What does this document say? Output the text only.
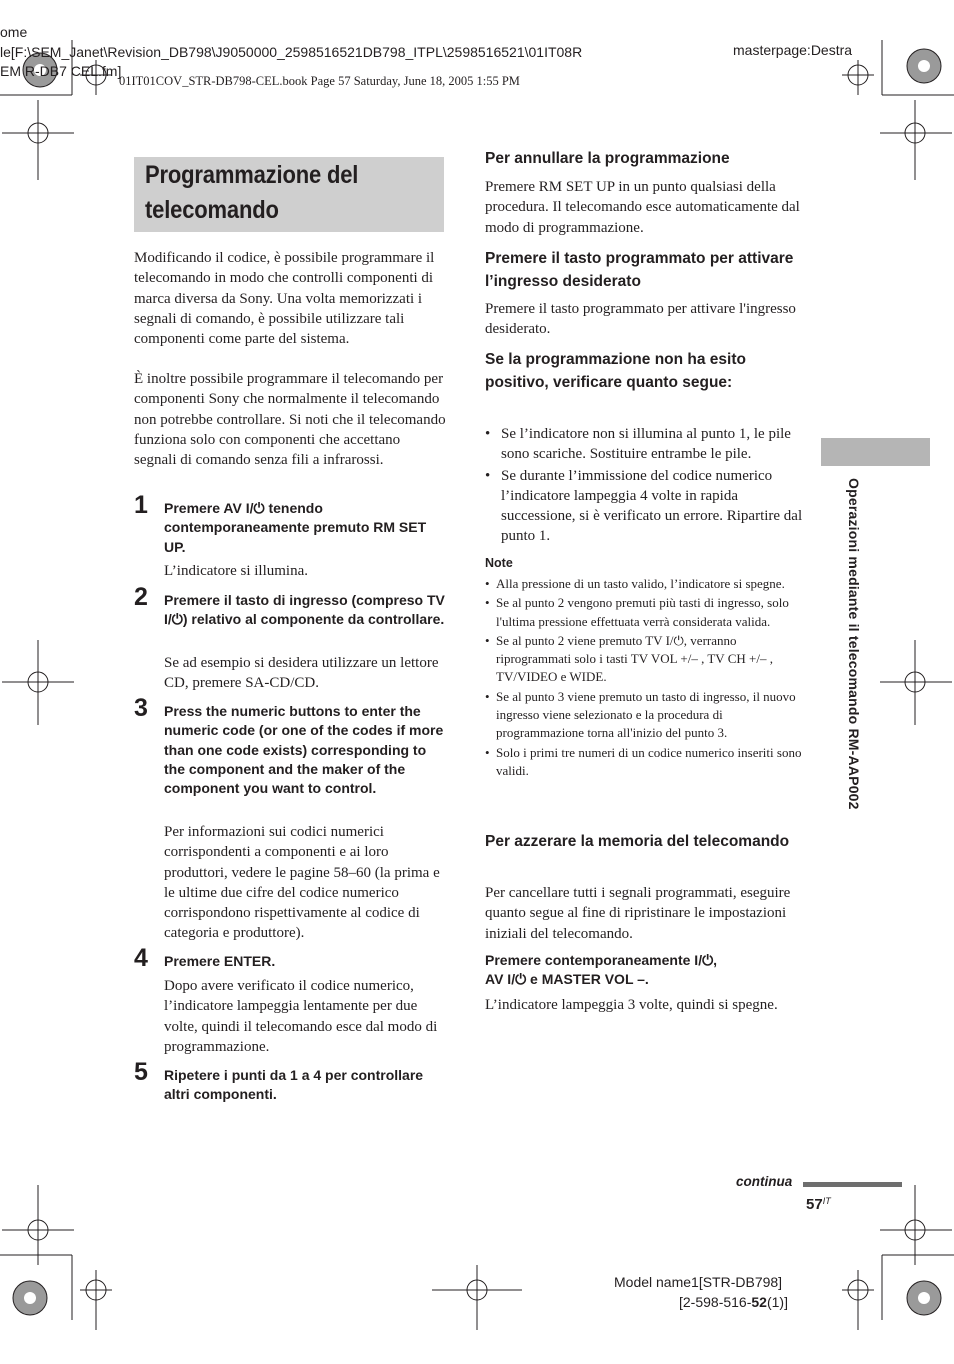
ome
le[F:\SEM_Janet\Revision_DB798\J9050000_2598516521DB798_ITPL\2598516521\01IT08R
EM R-DB7 CEL.fm]
masterpage:Destra
01IT01COV_STR-DB798-CEL.book Page 57 Saturday, June 18, 2005 1:55 PM
Programmazione del telecomando
Modificando il codice, è possibile programmare il telecomando in modo che controlli componenti di marca diversa da Sony. Una volta memorizzati i segnali di comando, è possibile utilizzare tali componenti come parte del sistema.
È inoltre possibile programmare il telecomando per componenti Sony che normalmente il telecomando non potrebbe controllare. Si noti che il telecomando funziona solo con componenti che accettano segnali di comando senza fili a infrarossi.
1 Premere AV I/⏻ tenendo contemporaneamente premuto RM SET UP.
L’indicatore si illumina.
2 Premere il tasto di ingresso (compreso TV I/⏻) relativo al componente da controllare.
Se ad esempio si desidera utilizzare un lettore CD, premere SA-CD/CD.
3 Press the numeric buttons to enter the numeric code (or one of the codes if more than one code exists) corresponding to the component and the maker of the component you want to control.
Per informazioni sui codici numerici corrispondenti a componenti e ai loro produttori, vedere le pagine 58–60 (la prima e le ultime due cifre del codice numerico corrispondono rispettivamente al codice di categoria e produttore).
4 Premere ENTER.
Dopo avere verificato il codice numerico, l’indicatore lampeggia lentamente per due volte, quindi il telecomando esce dal modo di programmazione.
5 Ripetere i punti da 1 a 4 per controllare altri componenti.
Per annullare la programmazione
Premere RM SET UP in un punto qualsiasi della procedura. Il telecomando esce automaticamente dal modo di programmazione.
Premere il tasto programmato per attivare l’ingresso desiderato
Premere il tasto programmato per attivare l'ingresso desiderato.
Se la programmazione non ha esito positivo, verificare quanto segue:
• Se l’indicatore non si illumina al punto 1, le pile sono scariche. Sostituire entrambe le pile.
• Se durante l’immissione del codice numerico l’indicatore lampeggia 4 volte in rapida successione, si è verificato un errore. Ripartire dal punto 1.
Note
• Alla pressione di un tasto valido, l’indicatore si spegne.
• Se al punto 2 vengono premuti più tasti di ingresso, solo l'ultima pressione effettuata verrà considerata valida.
• Se al punto 2 viene premuto TV I/⏻, verranno riprogrammati solo i tasti TV VOL +/– , TV CH +/– , TV/VIDEO e WIDE.
• Se al punto 3 viene premuto un tasto di ingresso, il nuovo ingresso viene selezionato e la procedura di programmazione torna all'inizio del punto 3.
• Solo i primi tre numeri di un codice numerico inseriti sono validi.
Per azzerare la memoria del telecomando
Per cancellare tutti i segnali programmati, eseguire quanto segue al fine di ripristinare le impostazioni iniziali del telecomando.
Premere contemporaneamente I/⏻,
AV I/⏻ e MASTER VOL –.
L’indicatore lampeggia 3 volte, quindi si spegne.
Operazioni mediante il telecomando RM-AAP002
continua
$57^{IT}$
Model name1[STR-DB798]
[2-598-516-52(1)]
